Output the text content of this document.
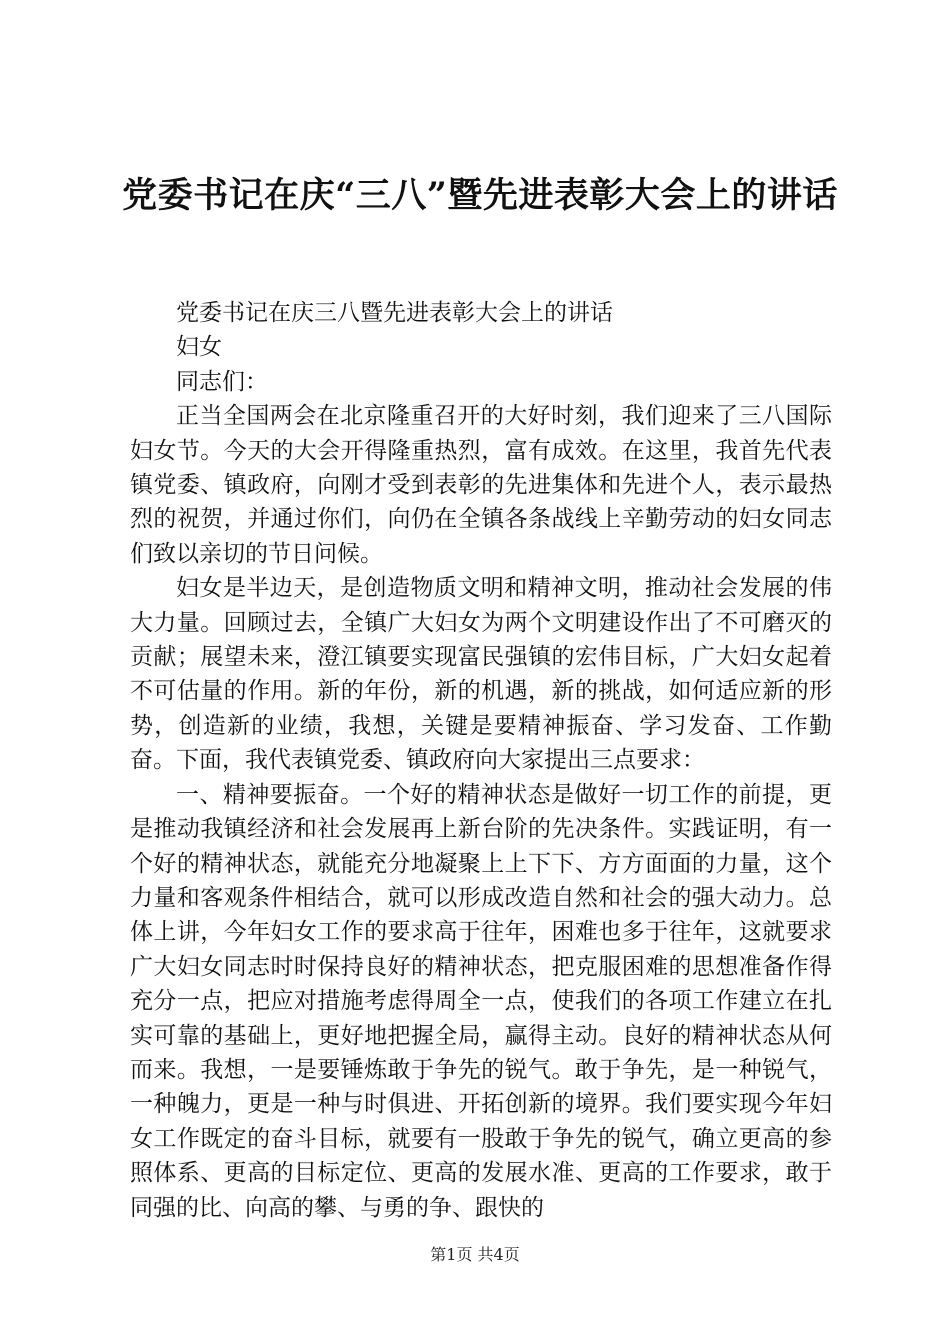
党委书记在庆“三八”暨先进表彰大会上的讲话

党委书记在庆三八暨先进表彰大会上的讲话

妇女

同志们：

正当全国两会在北京隆重召开的大好时刻，我们迎来了三八国际妇女节。今天的大会开得隆重热烈，富有成效。在这里，我首先代表镇党委、镇政府，向刚才受到表彰的先进集体和先进个人，表示最热烈的祝贺，并通过你们，向仍在全镇各条战线上辛勤劳动的妇女同志们致以亲切的节日问候。

妇女是半边天，是创造物质文明和精神文明，推动社会发展的伟大力量。回顾过去，全镇广大妇女为两个文明建设作出了不可磨灭的贡献；展望未来，澄江镇要实现富民强镇的宏伟目标，广大妇女起着不可估量的作用。新的年份，新的机遇，新的挑战，如何适应新的形势，创造新的业绩，我想，关键是要精神振奋、学习发奋、工作勤奋。下面，我代表镇党委、镇政府向大家提出三点要求：

一、精神要振奋。一个好的精神状态是做好一切工作的前提，更是推动我镇经济和社会发展再上新台阶的先决条件。实践证明，有一个好的精神状态，就能充分地凝聚上上下下、方方面面的力量，这个力量和客观条件相结合，就可以形成改造自然和社会的强大动力。总体上讲，今年妇女工作的要求高于往年，困难也多于往年，这就要求广大妇女同志时时保持良好的精神状态，把克服困难的思想准备作得充分一点，把应对措施考虑得周全一点，使我们的各项工作建立在扎实可靠的基础上，更好地把握全局，赢得主动。良好的精神状态从何而来。我想，一是要锤炼敢于争先的锐气。敢于争先，是一种锐气，一种魄力，更是一种与时俱进、开拓创新的境界。我们要实现今年妇女工作既定的奋斗目标，就要有一股敢于争先的锐气，确立更高的参照体系、更高的目标定位、更高的发展水准、更高的工作要求，敢于同强的比、向高的攀、与勇的争、跟快的

第1页 共4页
